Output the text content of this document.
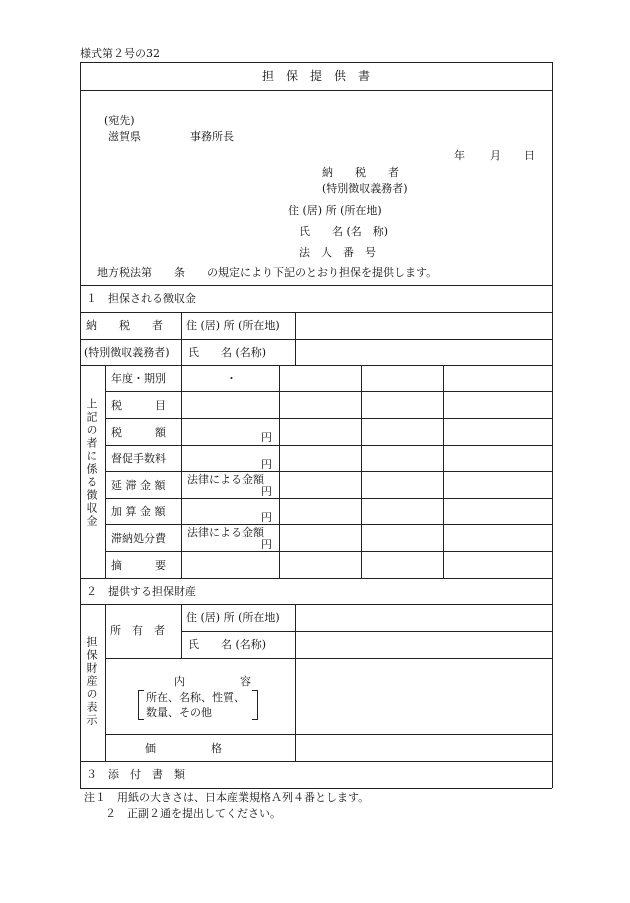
様式第２号の32
担　保　提　供　書
(宛先)
滋賀県	事務所長
年 月 日
納　　税　　者
(特別徴収義務者)
住 (居) 所 (所在地)
氏　　名 (名　称)
法　人　番　号
地方税法第　　条　　の規定により下記のとおり担保を提供します。
１　担保される徴収金
納　　税　　者
(特別徴収義務者)
住 (居) 所 (所在地)
氏　　名 (名称)
上記の者に係る徴収金
年度・期別
税　　　目
税　　　額
督促手数料
延 滞 金 額
加 算 金 額
滞納処分費
摘　　　要
・
円
円
法律による金額
円
円
法律による金額
円
２　提供する担保財産
担保財産の表示
所　有　者
住 (居) 所 (所在地)
氏　　名 (名称)
内　　　　　容
所在、名称、性質、
数量、その他
価　　　　　格
３　添　付　書　類
注１　用紙の大きさは、日本産業規格Ａ列４番とします。
２　正副２通を提出してください。
